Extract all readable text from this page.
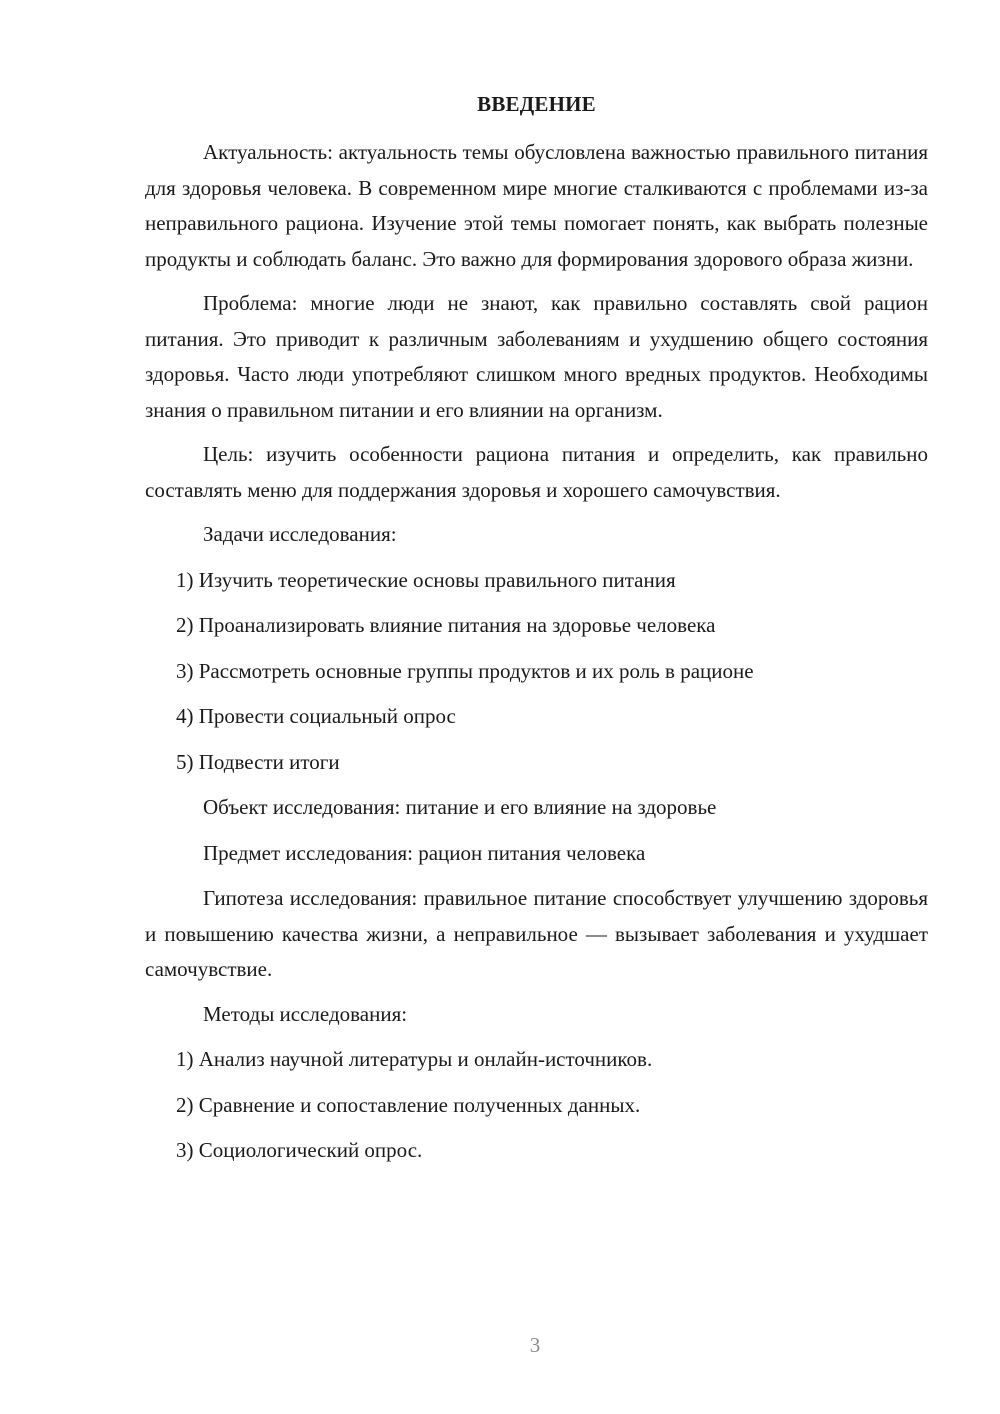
ВВЕДЕНИЕ

Актуальность: актуальность темы обусловлена важностью правильного питания для здоровья человека. В современном мире многие сталкиваются с проблемами из-за неправильного рациона. Изучение этой темы помогает понять, как выбрать полезные продукты и соблюдать баланс. Это важно для формирования здорового образа жизни.

Проблема: многие люди не знают, как правильно составлять свой рацион питания. Это приводит к различным заболеваниям и ухудшению общего состояния здоровья. Часто люди употребляют слишком много вредных продуктов. Необходимы знания о правильном питании и его влиянии на организм.

Цель: изучить особенности рациона питания и определить, как правильно составлять меню для поддержания здоровья и хорошего самочувствия.

Задачи исследования:
1) Изучить теоретические основы правильного питания
2) Проанализировать влияние питания на здоровье человека
3) Рассмотреть основные группы продуктов и их роль в рационе
4) Провести социальный опрос
5) Подвести итоги
Объект исследования: питание и его влияние на здоровье
Предмет исследования: рацион питания человека

Гипотеза исследования: правильное питание способствует улучшению здоровья и повышению качества жизни, а неправильное — вызывает заболевания и ухудшает самочувствие.

Методы исследования:
1) Анализ научной литературы и онлайн-источников.
2) Сравнение и сопоставление полученных данных.
3) Социологический опрос.
3
